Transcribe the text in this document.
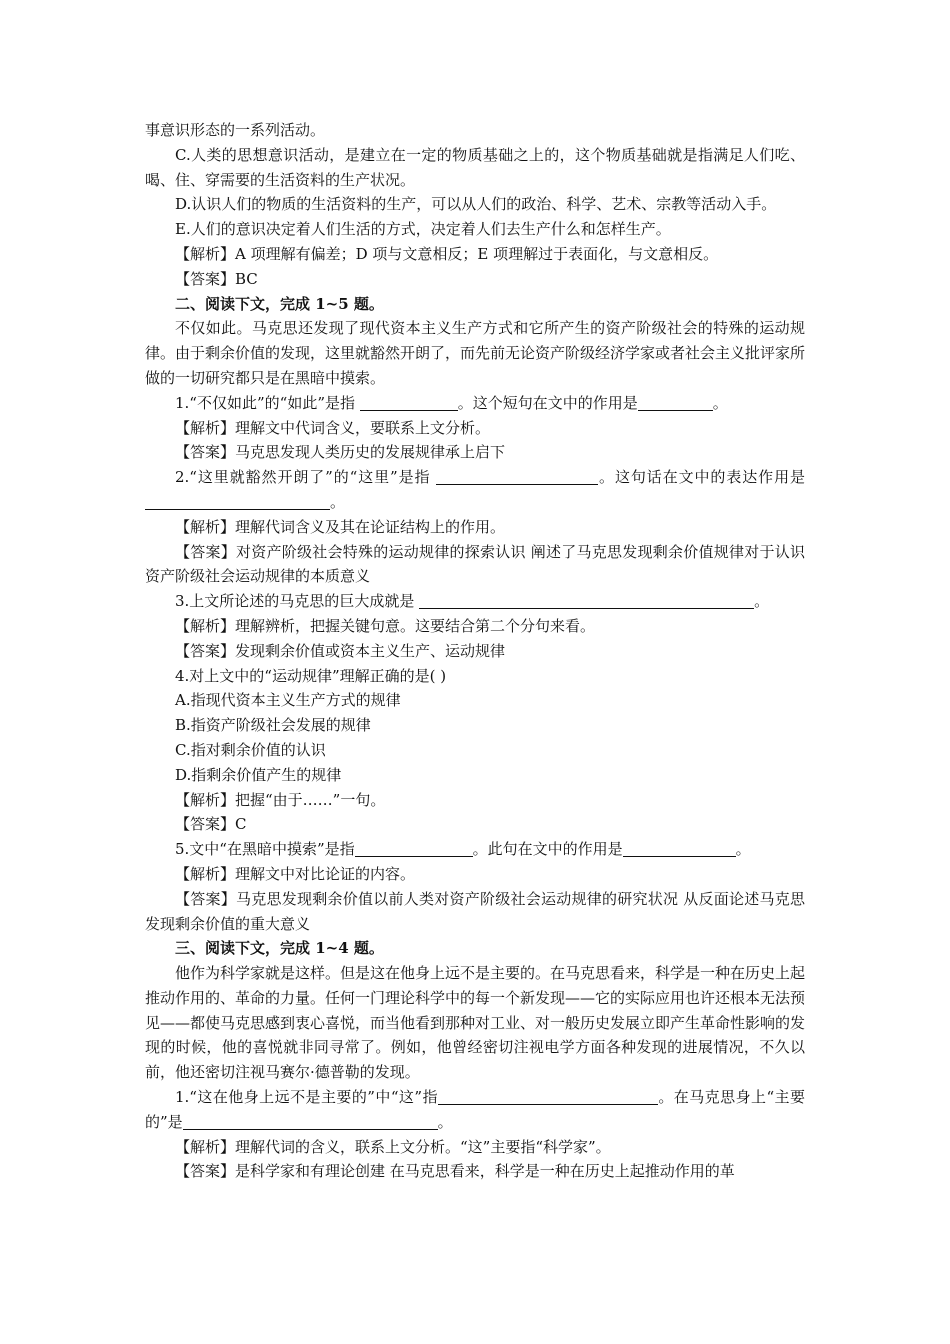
事意识形态的一系列活动。

C.人类的思想意识活动，是建立在一定的物质基础之上的，这个物质基础就是指满足人们吃、喝、住、穿需要的生活资料的生产状况。

D.认识人们的物质的生活资料的生产，可以从人们的政治、科学、艺术、宗教等活动入手。

E.人们的意识决定着人们生活的方式，决定着人们去生产什么和怎样生产。

【解析】A 项理解有偏差；D 项与文意相反；E 项理解过于表面化，与文意相反。

【答案】BC

二、阅读下文，完成 1~5 题。

不仅如此。马克思还发现了现代资本主义生产方式和它所产生的资产阶级社会的特殊的运动规律。由于剩余价值的发现，这里就豁然开朗了，而先前无论资产阶级经济学家或者社会主义批评家所做的一切研究都只是在黑暗中摸索。

1.“不仅如此”的“如此”是指	。这个短句在文中的作用是	。

【解析】理解文中代词含义，要联系上文分析。

【答案】马克思发现人类历史的发展规律承上启下

2.“这里就豁然开朗了”的“这里”是指	。这句话在文中的表达作用是。

【解析】理解代词含义及其在论证结构上的作用。

【答案】对资产阶级社会特殊的运动规律的探索认识 阐述了马克思发现剩余价值规律对于认识资产阶级社会运动规律的本质意义

3.上文所论述的马克思的巨大成就是	。

【解析】理解辨析，把握关键句意。这要结合第二个分句来看。

【答案】发现剩余价值或资本主义生产、运动规律

4.对上文中的“运动规律”理解正确的是( )

A.指现代资本主义生产方式的规律

B.指资产阶级社会发展的规律

C.指对剩余价值的认识

D.指剩余价值产生的规律

【解析】把握“由于……”一句。

【答案】C

5.文中“在黑暗中摸索”是指	。此句在文中的作用是	。

【解析】理解文中对比论证的内容。

【答案】马克思发现剩余价值以前人类对资产阶级社会运动规律的研究状况 从反面论述马克思发现剩余价值的重大意义

三、阅读下文，完成 1~4 题。

他作为科学家就是这样。但是这在他身上远不是主要的。在马克思看来，科学是一种在历史上起推动作用的、革命的力量。任何一门理论科学中的每一个新发现——它的实际应用也许还根本无法预见——都使马克思感到衷心喜悦，而当他看到那种对工业、对一般历史发展立即产生革命性影响的发现的时候，他的喜悦就非同寻常了。例如，他曾经密切注视电学方面各种发现的进展情况，不久以前，他还密切注视马赛尔·德普勒的发现。

1.“这在他身上远不是主要的”中“这”指	。在马克思身上“主要的”是	。

【解析】理解代词的含义，联系上文分析。“这”主要指“科学家”。

【答案】是科学家和有理论创建 在马克思看来，科学是一种在历史上起推动作用的革
